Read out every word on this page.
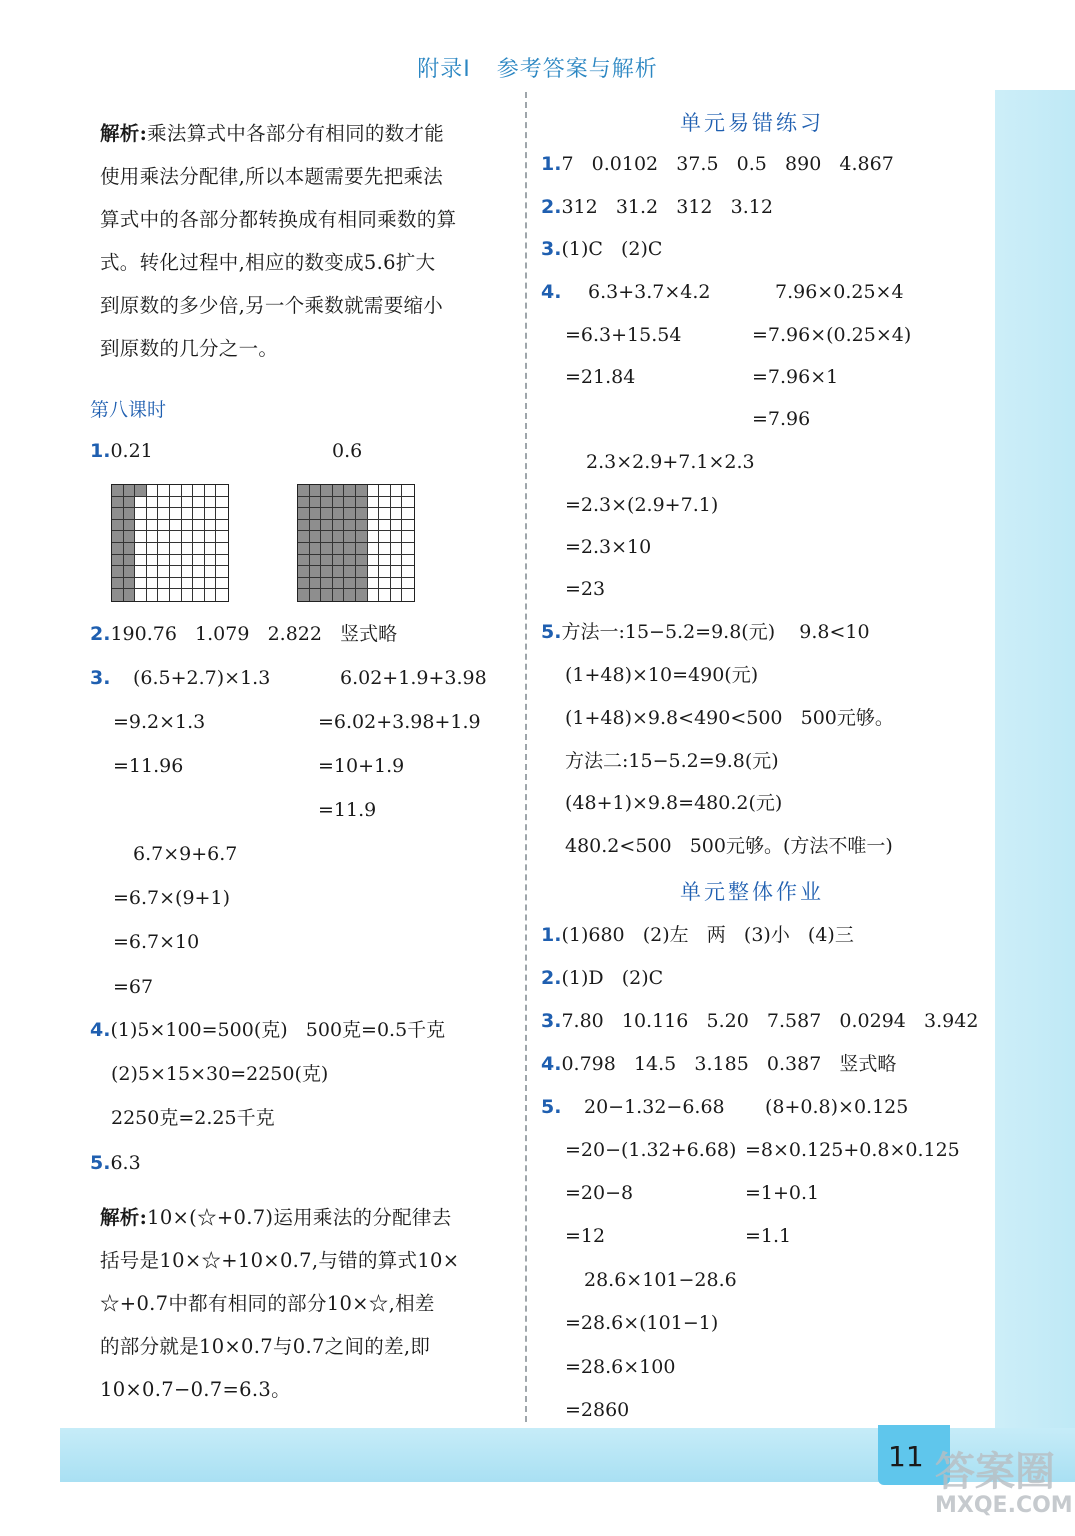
附录Ⅰ 参考答案与解析
解析:乘法算式中各部分有相同的数才能
使用乘法分配律,所以本题需要先把乘法
算式中的各部分都转换成有相同乘数的算
式。转化过程中,相应的数变成5.6扩大
到原数的多少倍,另一个乘数就需要缩小
到原数的几分之一。
第八课时
1.0.21	0.6
2.190.76   1.079   2.822   竖式略
3. (6.5+2.7)×1.3
=9.2×1.3
=11.96
6.02+1.9+3.98
=6.02+3.98+1.9
=10+1.9
=11.9
6.7×9+6.7
=6.7×(9+1)
=6.7×10
=67
4.(1)5×100=500(克)   500克=0.5千克
(2)5×15×30=2250(克)
2250克=2.25千克
5.6.3
解析:10×(☆+0.7)运用乘法的分配律去
括号是10×☆+10×0.7,与错的算式10×
☆+0.7中都有相同的部分10×☆,相差
的部分就是10×0.7与0.7之间的差,即
10×0.7−0.7=6.3。
单元易错练习
1.7   0.0102   37.5   0.5   890   4.867
2.312   31.2   312   3.12
3.(1)C   (2)C
4. 6.3+3.7×4.2
=6.3+15.54
=21.84
7.96×0.25×4
=7.96×(0.25×4)
=7.96×1
=7.96
2.3×2.9+7.1×2.3
=2.3×(2.9+7.1)
=2.3×10
=23
5.方法一:15−5.2=9.8(元)    9.8<10
(1+48)×10=490(元)
(1+48)×9.8<490<500   500元够。
方法二:15−5.2=9.8(元)
(48+1)×9.8=480.2(元)
480.2<500   500元够。(方法不唯一)
单元整体作业
1.(1)680   (2)左   两   (3)小   (4)三
2.(1)D   (2)C
3.7.80   10.116   5.20   7.587   0.0294   3.942
4.0.798   14.5   3.185   0.387   竖式略
5. 20−1.32−6.68
=20−(1.32+6.68)
=20−8
=12
(8+0.8)×0.125
=8×0.125+0.8×0.125
=1+0.1
=1.1
28.6×101−28.6
=28.6×(101−1)
=28.6×100
=2860
11 答案圈
MXQE.COM
